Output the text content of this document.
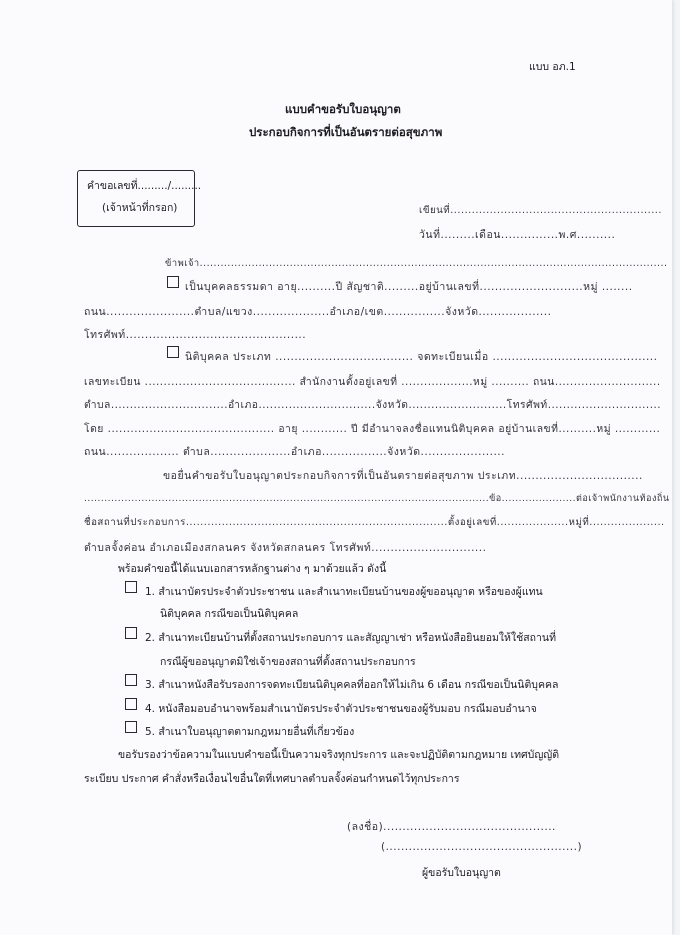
แบบ อภ.1
แบบคำขอรับใบอนุญาต
ประกอบกิจการที่เป็นอันตรายต่อสุขภาพ
คำขอเลขที่........./.........
(เจ้าหน้าที่กรอก)	เขียนที่...........................................................
วันที่.........เดือน...............พ.ศ..........
ข้าพเจ้า.......................................................................................................................................
เป็นบุคคลธรรมดา อายุ..........ปี สัญชาติ.........อยู่บ้านเลขที่...........................หมู่ ........
ถนน.......................ตำบล/แขวง....................อำเภอ/เขต................จังหวัด...................
โทรศัพท์...............................................
นิติบุคคล ประเภท .................................... จดทะเบียนเมื่อ ...........................................
เลขทะเบียน ........................................ สำนักงานตั้งอยู่เลขที่ ...................หมู่ .......... ถนน............................
ตำบล...............................อำเภอ...............................จังหวัด..........................โทรศัพท์..............................
โดย ............................................ อายุ ............ ปี มีอำนาจลงชื่อแทนนิติบุคคล อยู่บ้านเลขที่..........หมู่ ............
ถนน................... ตำบล.....................อำเภอ.................จังหวัด......................
ขอยื่นคำขอรับใบอนุญาตประกอบกิจการที่เป็นอันตรายต่อสุขภาพ ประเภท.................................
........................................................................................................................ข้อ......................ต่อเจ้าพนักงานท้องถิ่น
ชื่อสถานที่ประกอบการ.........................................................................ตั้งอยู่เลขที่....................หมู่ที่.....................
ตำบลจั้งค่อน อำเภอเมืองสกลนคร จังหวัดสกลนคร โทรศัพท์..............................
พร้อมคำขอนี้ได้แนบเอกสารหลักฐานต่าง ๆ มาด้วยแล้ว ดังนี้
1. สำเนาบัตรประจำตัวประชาชน และสำเนาทะเบียนบ้านของผู้ขออนุญาต หรือของผู้แทน
นิติบุคคล กรณีขอเป็นนิติบุคคล
2. สำเนาทะเบียนบ้านที่ตั้งสถานประกอบการ และสัญญาเช่า หรือหนังสือยินยอมให้ใช้สถานที่
กรณีผู้ขออนุญาตมิใช่เจ้าของสถานที่ตั้งสถานประกอบการ
3. สำเนาหนังสือรับรองการจดทะเบียนนิติบุคคลที่ออกให้ไม่เกิน 6 เดือน กรณีขอเป็นนิติบุคคล
4. หนังสือมอบอำนาจพร้อมสำเนาบัตรประจำตัวประชาชนของผู้รับมอบ กรณีมอบอำนาจ
5. สำเนาใบอนุญาตตามกฎหมายอื่นที่เกี่ยวข้อง
ขอรับรองว่าข้อความในแบบคำขอนี้เป็นความจริงทุกประการ และจะปฏิบัติตามกฎหมาย เทศบัญญัติ
ระเบียบ ประกาศ คำสั่งหรือเงื่อนไขอื่นใดที่เทศบาลตำบลจั้งค่อนกำหนดไว้ทุกประการ
(ลงชื่อ).............................................
(..................................................)
ผู้ขอรับใบอนุญาต
